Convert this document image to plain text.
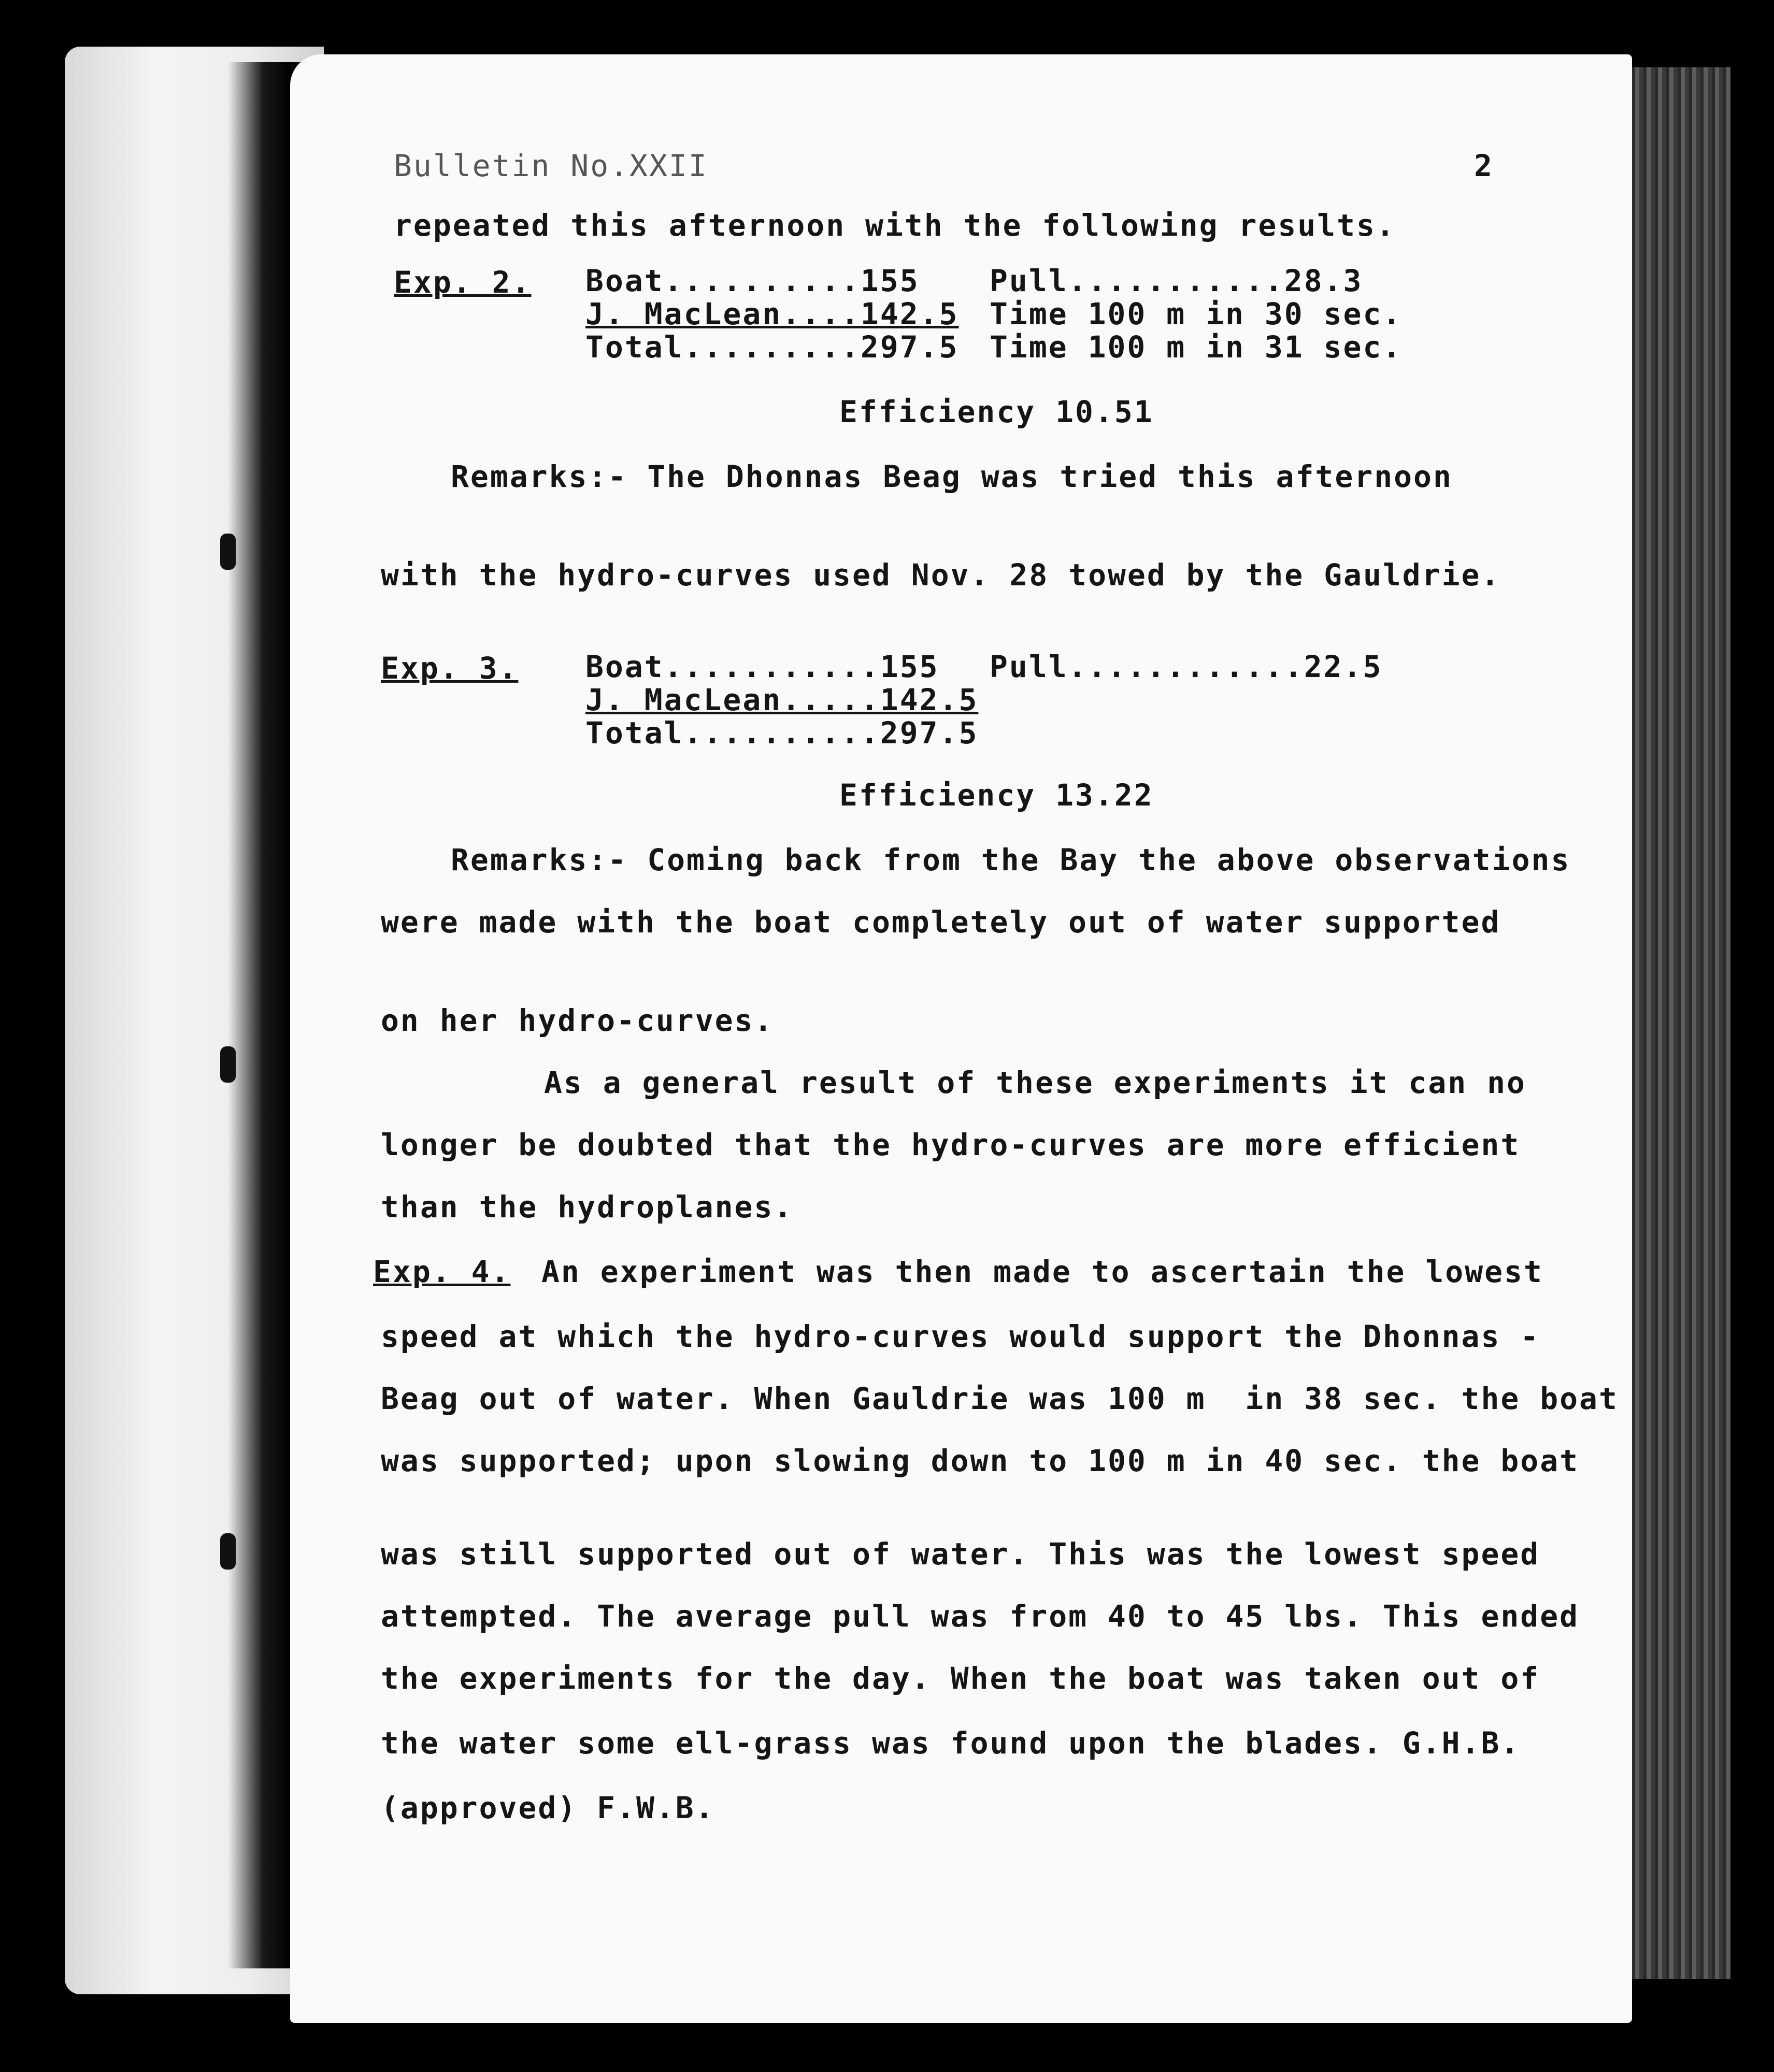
Bulletin No.XXII	2
repeated this afternoon with the following results.
Exp. 2.

Boat..........155

Pull...........28.3

J. MacLean....142.5

Time 100 m in 30 sec.

Total.........297.5

Time 100 m in 31 sec.

Efficiency 10.51
Remarks:- The Dhonnas Beag was tried this afternoon
with the hydro-curves used Nov. 28 towed by the Gauldrie.
Exp. 3.

Boat...........155

Pull............22.5

J. MacLean.....142.5

Total..........297.5

Efficiency 13.22
Remarks:- Coming back from the Bay the above observations
were made with the boat completely out of water supported
on her hydro-curves.
As a general result of these experiments it can no
longer be doubted that the hydro-curves are more efficient
than the hydroplanes.
Exp. 4. An experiment was then made to ascertain the lowest
speed at which the hydro-curves would support the Dhonnas -
Beag out of water. When Gauldrie was 100 m  in 38 sec. the boat
was supported; upon slowing down to 100 m in 40 sec. the boat
was still supported out of water. This was the lowest speed
attempted. The average pull was from 40 to 45 lbs. This ended
the experiments for the day. When the boat was taken out of
the water some ell-grass was found upon the blades. G.H.B.
(approved) F.W.B.
